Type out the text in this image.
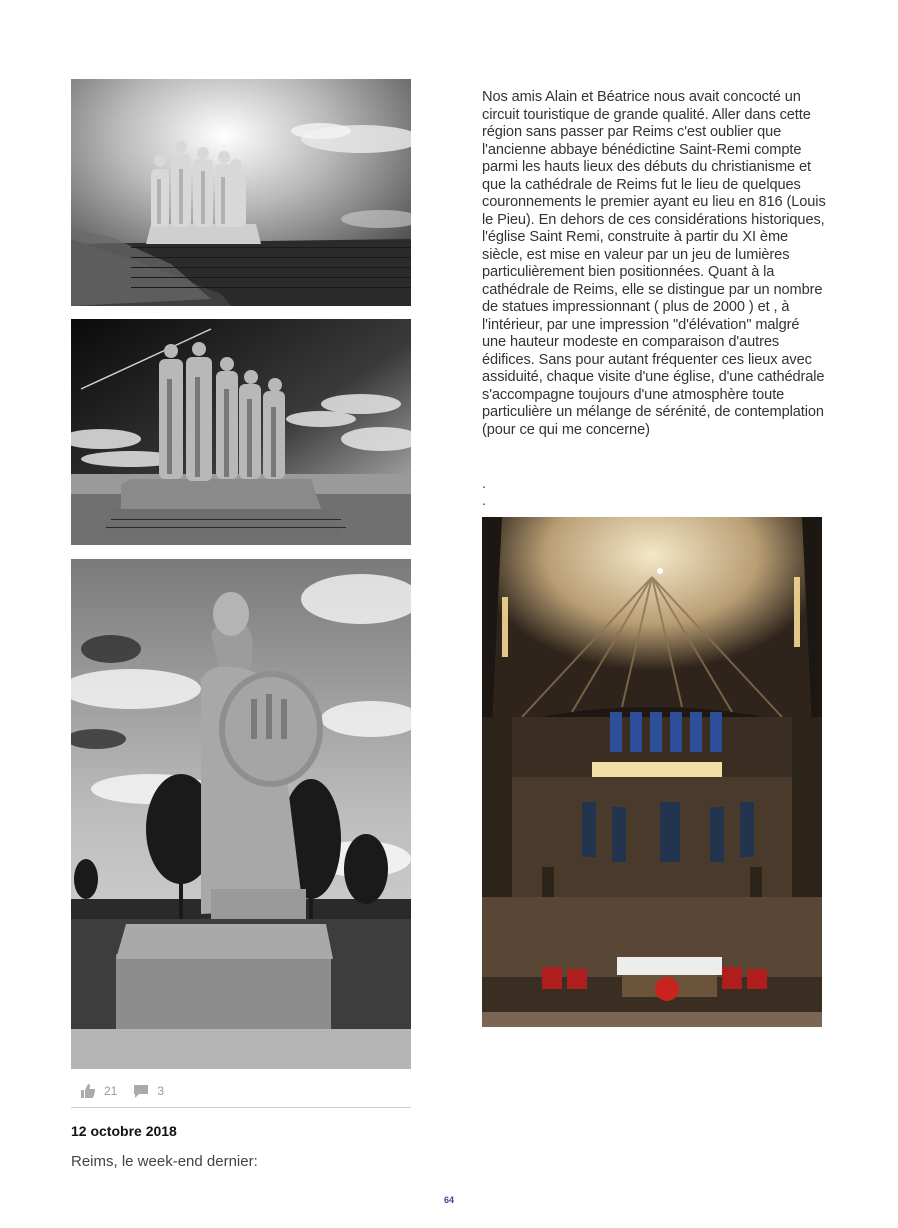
Nos amis Alain et Béatrice nous avait concocté un circuit touristique de grande qualité. Aller dans cette région sans passer par Reims c'est oublier que l'ancienne abbaye bénédictine Saint-Remi compte parmi les hauts lieux des débuts du christianisme et que la cathédrale de Reims fut le lieu de quelques couronnements le premier ayant eu lieu en 816 (Louis le Pieu). En dehors de ces considérations historiques, l'église Saint Remi, construite à partir du XI ème siècle, est mise en valeur par un jeu de lumières particulièrement bien positionnées. Quant à la cathédrale de Reims, elle se distingue par un nombre de statues impressionnant ( plus de 2000 ) et , à l'intérieur, par une impression "d'élévation" malgré une hauteur modeste en comparaison d'autres édifices. Sans pour autant fréquenter ces lieux avec assiduité, chaque visite d'une église, d'une cathédrale s'accompagne toujours d'une atmosphère toute particulière un mélange de sérénité, de contemplation (pour ce qui me concerne)
.
.
21	3
12 octobre 2018
Reims, le week-end dernier:
64
